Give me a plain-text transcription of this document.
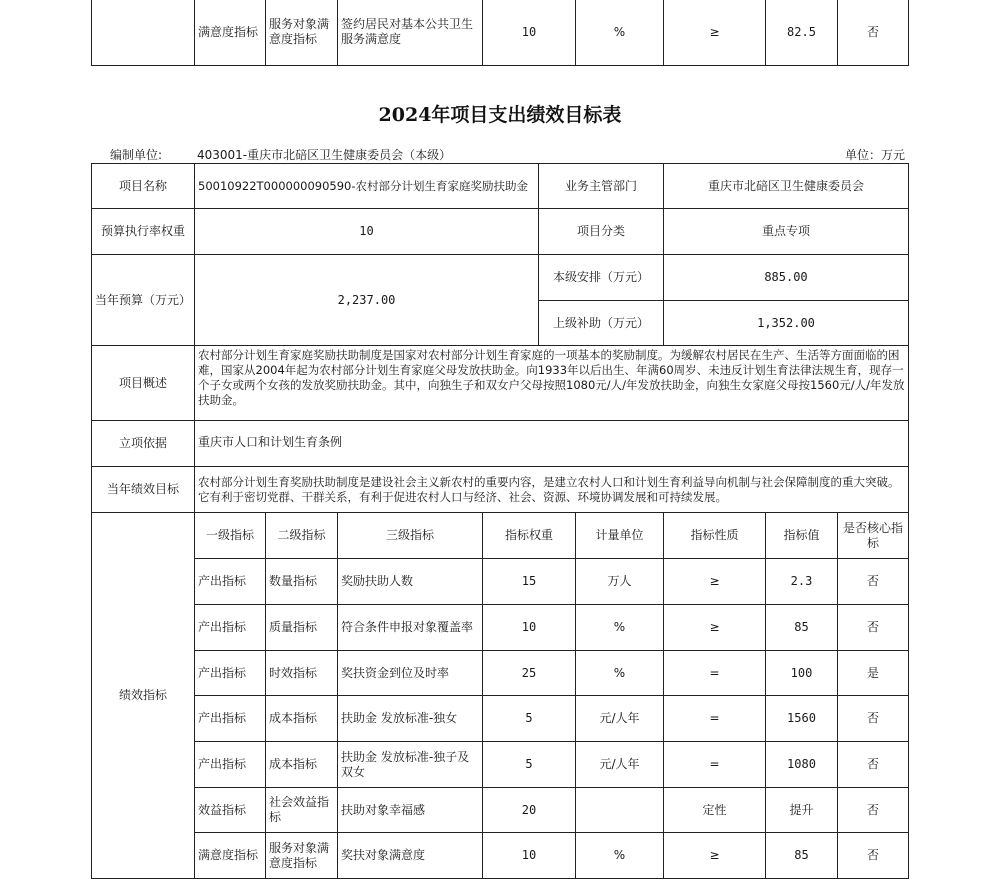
	满意度指标	服务对象满意度指标	签约居民对基本公共卫生服务满意度	10	%	≥	82.5	否
2024年项目支出绩效目标表
编制单位:	403001-重庆市北碚区卫生健康委员会（本级）	单位：万元
项目名称	50010922T000000090590-农村部分计划生育家庭奖励扶助金				业务主管部门		重庆市北碚区卫生健康委员会		
预算执行率权重	10				项目分类		重点专项		
当年预算（万元）	2,237.00				本级安排（万元）		885.00		
					上级补助（万元）		1,352.00		
项目概述	农村部分计划生育家庭奖励扶助制度是国家对农村部分计划生育家庭的一项基本的奖励制度。为缓解农村居民在生产、生活等方面面临的困难，国家从2004年起为农村部分计划生育家庭父母发放扶助金。向1933年以后出生、年满60周岁、未违反计划生育法律法规生育，现存一个子女或两个女孩的发放奖励扶助金。其中，向独生子和双女户父母按照1080元/人/年发放扶助金，向独生女家庭父母按1560元/人/年发放扶助金。								
立项依据	重庆市人口和计划生育条例								
当年绩效目标	农村部分计划生育奖励扶助制度是建设社会主义新农村的重要内容，是建立农村人口和计划生育利益导向机制与社会保障制度的重大突破。它有利于密切党群、干群关系，有利于促进农村人口与经济、社会、资源、环境协调发展和可持续发展。								
绩效指标	一级指标	二级指标	三级指标	指标权重		计量单位	指标性质	指标值	是否核心指标
	产出指标	数量指标	奖励扶助人数	15		万人	≥	2.3	否
	产出指标	质量指标	符合条件申报对象覆盖率	10		%	≥	85	否
	产出指标	时效指标	奖扶资金到位及时率	25		%	=	100	是
	产出指标	成本指标	扶助金 发放标准-独女	5		元/人年	=	1560	否
	产出指标	成本指标	扶助金 发放标准-独子及双女	5		元/人年	=	1080	否
	效益指标	社会效益指标	扶助对象幸福感	20			定性	提升	否
	满意度指标	服务对象满意度指标	奖扶对象满意度	10		%	≥	85	否
